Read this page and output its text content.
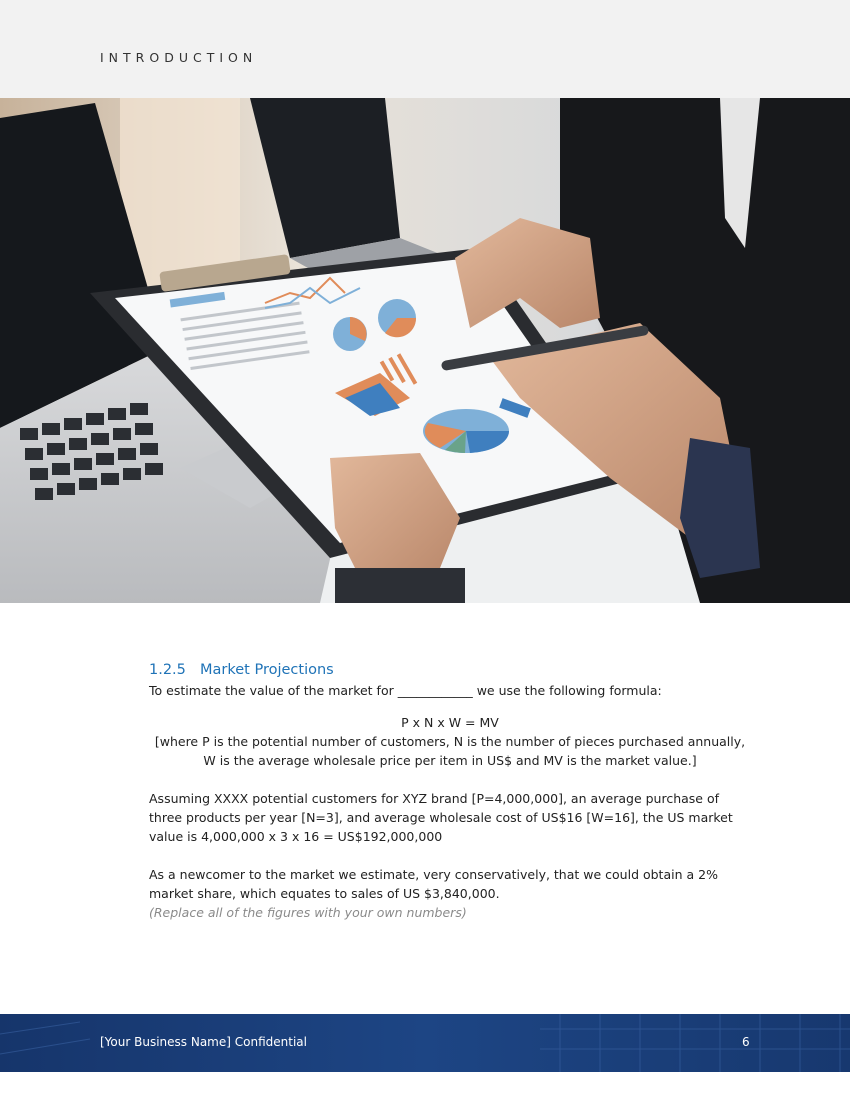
INTRODUCTION
1.2.5 Market Projections

To estimate the value of the market for ____________ we use the following formula:

P x N x W = MV
[where P is the potential number of customers, N is the number of pieces purchased annually,
W is the average wholesale price per item in US$ and MV is the market value.]

Assuming XXXX potential customers for XYZ brand [P=4,000,000], an average purchase of three products per year [N=3], and average wholesale cost of US$16 [W=16], the US market value is 4,000,000 x 3 x 16 = US$192,000,000

As a newcomer to the market we estimate, very conservatively, that we could obtain a 2% market share, which equates to sales of US $3,840,000.

(Replace all of the figures with your own numbers)
[Your Business Name] Confidential	6
